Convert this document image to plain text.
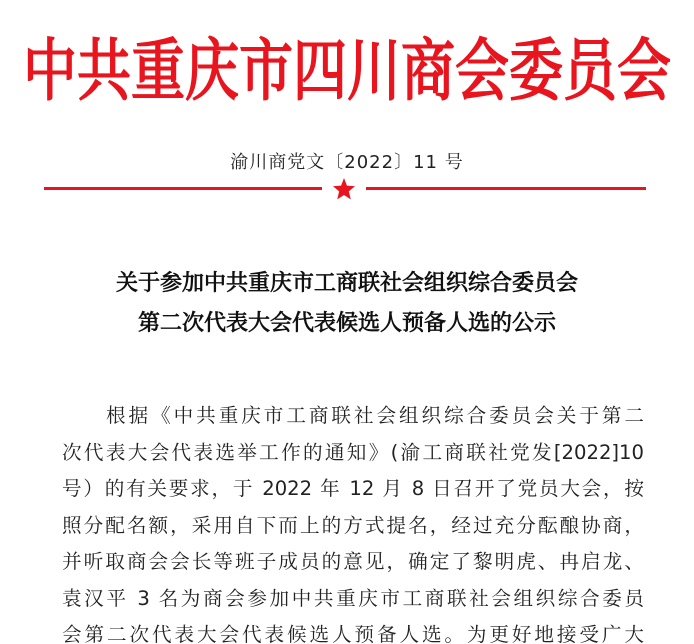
中共重庆市四川商会委员会
渝川商党文〔2022〕11 号
关于参加中共重庆市工商联社会组织综合委员会
第二次代表大会代表候选人预备人选的公示
根据《中共重庆市工商联社会组织综合委员会关于第二
次代表大会代表选举工作的通知》(渝工商联社党发[2022]10
号）的有关要求，于 2022 年 12 月 8 日召开了党员大会，按
照分配名额，采用自下而上的方式提名，经过充分酝酿协商，
并听取商会会长等班子成员的意见，确定了黎明虎、冉启龙、
袁汉平 3 名为商会参加中共重庆市工商联社会组织综合委员
会第二次代表大会代表候选人预备人选。为更好地接受广大
